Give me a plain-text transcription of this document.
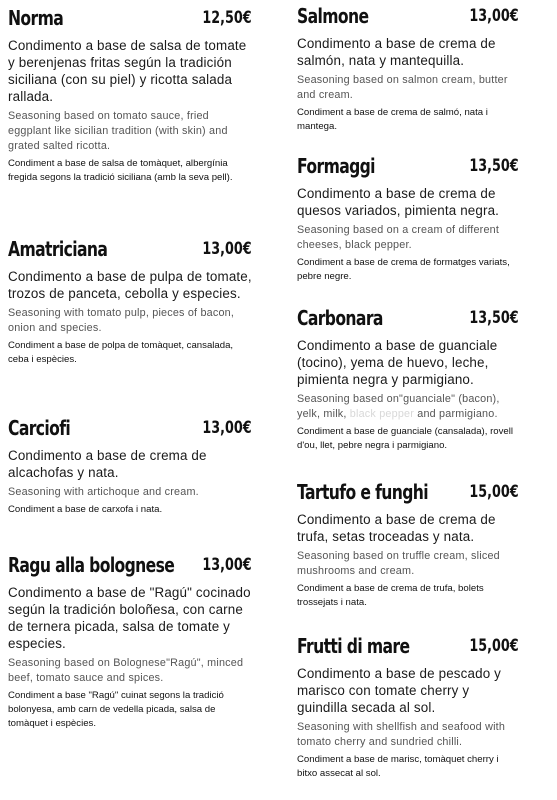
Norma	12,50€
Condimento a base de salsa de tomate y berenjenas fritas según la tradición siciliana (con su piel) y ricotta salada rallada.
Seasoning based on tomato sauce, fried eggplant like sicilian tradition (with skin) and grated salted ricotta.
Condiment a base de salsa de tomàquet, albergínia fregida segons la tradició siciliana (amb la seva pell).
Amatriciana	13,00€
Condimento a base de pulpa de tomate, trozos de panceta, cebolla y especies.
Seasoning with tomato pulp, pieces of bacon, onion and species.
Condiment a base de polpa de tomàquet, cansalada, ceba i espècies.
Carciofi	13,00€
Condimento a base de crema de alcachofas y nata.
Seasoning with artichoque and cream.
Condiment a base de carxofa i nata.
Ragu alla bolognese 13,00€
Condimento a base de "Ragú" cocinado según la tradición boloñesa, con carne de ternera picada, salsa de tomate y especies.
Seasoning based on Bolognese"Ragú", minced beef, tomato sauce and spices.
Condiment a base "Ragú" cuinat segons la tradició bolonyesa, amb carn de vedella picada, salsa de tomàquet i espècies.
Salmone	13,00€
Condimento a base de crema de salmón, nata y mantequilla.
Seasoning based on salmon cream, butter and cream.
Condiment a base de crema de salmó, nata i mantega.
Formaggi	13,50€
Condimento a base de crema de quesos variados, pimienta negra.
Seasoning based on a cream of different cheeses, black pepper.
Condiment a base de crema de formatges variats, pebre negre.
Carbonara	13,50€
Condimento a base de guanciale (tocino), yema de huevo, leche, pimienta negra y parmigiano.
Seasoning based on"guanciale" (bacon), yelk, milk, black pepper and parmigiano.
Condiment a base de guanciale (cansalada), rovell d'ou, llet, pebre negra i parmigiano.
Tartufo e funghi 15,00€
Condimento a base de crema de trufa, setas troceadas y nata.
Seasoning based on truffle cream, sliced mushrooms and cream.
Condiment a base de crema de trufa, bolets trossejats i nata.
Frutti di mare	15,00€
Condimento a base de pescado y marisco con tomate cherry y guindilla secada al sol.
Seasoning with shellfish and seafood with tomato cherry and sundried chilli.
Condiment a base de marisc, tomàquet cherry i bitxo assecat al sol.
